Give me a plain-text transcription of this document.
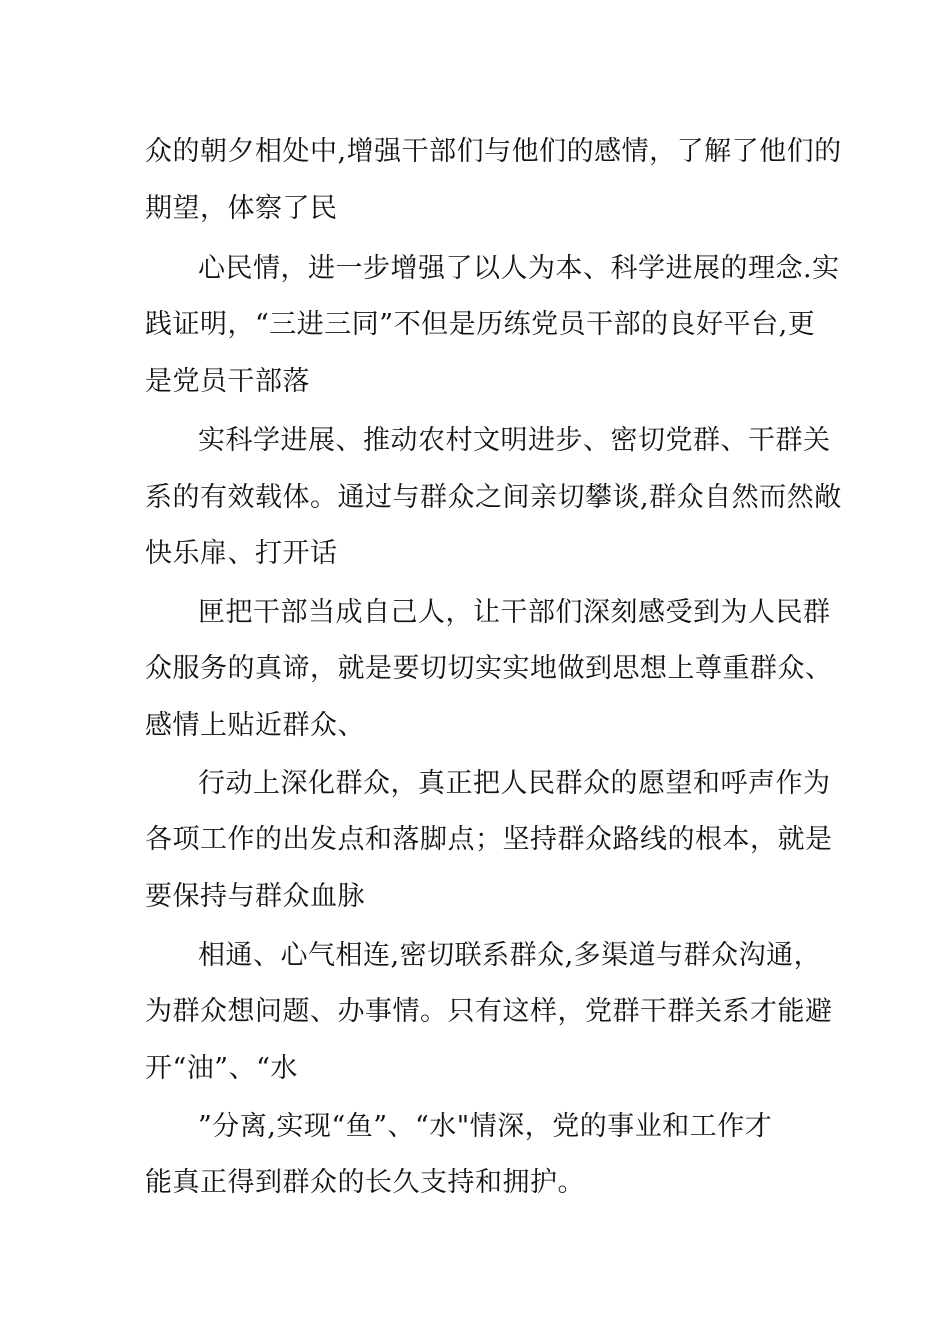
众的朝夕相处中,增强干部们与他们的感情，了解了他们的
期望，体察了民
心民情，进一步增强了以人为本、科学进展的理念.实
践证明，“三进三同”不但是历练党员干部的良好平台,更
是党员干部落
实科学进展、推动农村文明进步、密切党群、干群关
系的有效载体。通过与群众之间亲切攀谈,群众自然而然敞
快乐扉、打开话
匣把干部当成自己人，让干部们深刻感受到为人民群
众服务的真谛，就是要切切实实地做到思想上尊重群众、
感情上贴近群众、
行动上深化群众，真正把人民群众的愿望和呼声作为
各项工作的出发点和落脚点；坚持群众路线的根本，就是
要保持与群众血脉
相通、心气相连,密切联系群众,多渠道与群众沟通，
为群众想问题、办事情。只有这样，党群干群关系才能避
开“油”、“水
”分离,实现“鱼”、“水"情深，党的事业和工作才
能真正得到群众的长久支持和拥护。
